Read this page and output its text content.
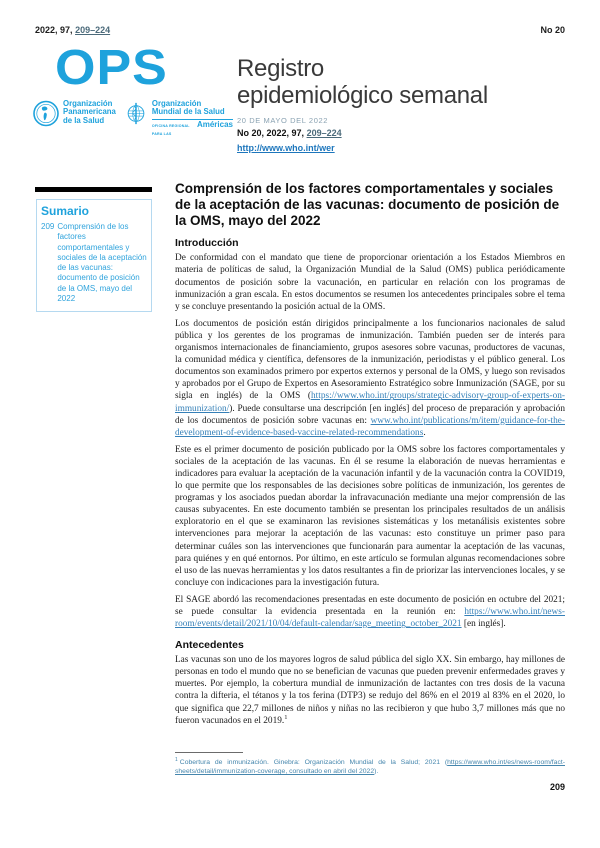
2022, 97, 209–224	No 20
OPS
Organización
Panamericana
de la Salud
Organización
Mundial de la Salud
OFICINA REGIONAL PARA LAS
Américas
Registro
epidemiológico semanal
20 DE MAYO DEL 2022
No 20, 2022, 97, 209–224
http://www.who.int/wer
Sumario
209 Comprensión de los factores comportamentales y sociales de la aceptación de las vacunas: documento de posición de la OMS, mayo del 2022
Comprensión de los factores comportamentales y sociales de la aceptación de las vacunas: documento de posición de la OMS, mayo del 2022
Introducción

De conformidad con el mandato que tiene de proporcionar orientación a los Estados Miembros en materia de políticas de salud, la Organización Mundial de la Salud (OMS) publica periódicamente documentos de posición sobre la vacunación, en particular en relación con los programas de inmunización a gran escala. En estos documentos se resumen los antecedentes principales sobre el tema y se concluye presentando la posición actual de la OMS.

Los documentos de posición están dirigidos principalmente a los funcionarios nacionales de salud pública y los gerentes de los programas de inmunización. También pueden ser de interés para organismos internacionales de financiamiento, grupos asesores sobre vacunas, productores de vacunas, la comunidad médica y científica, defensores de la inmunización, periodistas y el público general. Los documentos son examinados primero por expertos externos y personal de la OMS, y luego son revisados y aprobados por el Grupo de Expertos en Asesoramiento Estratégico sobre Inmunización (SAGE, por su sigla en inglés) de la OMS (https://www.who.int/groups/strategic-advisory-group-of-experts-on-immunization/). Puede consultarse una descripción [en inglés] del proceso de preparación y aprobación de los documentos de posición sobre vacunas en: www.who.int/publications/m/item/guidance-for-the-development-of-evidence-based-vaccine-related-recommendations.

Este es el primer documento de posición publicado por la OMS sobre los factores comportamentales y sociales de la aceptación de las vacunas. En él se resume la elaboración de nuevas herramientas e indicadores para evaluar la aceptación de la vacunación infantil y de la vacunación contra la COVID19, lo que permite que los responsables de las decisiones sobre políticas de inmunización, los gerentes de programas y los asociados puedan abordar la infravacunación mediante una mejor comprensión de las causas subyacentes. En este documento también se presentan los principales resultados de un análisis exploratorio en el que se examinaron las revisiones sistemáticas y los metanálisis existentes sobre intervenciones para mejorar la aceptación de las vacunas: esto constituye un primer paso para determinar cuáles son las intervenciones que funcionarán para aumentar la aceptación de las vacunas, para quiénes y en qué entornos. Por último, en este artículo se formulan algunas recomendaciones sobre el uso de las nuevas herramientas y los datos resultantes a fin de priorizar las intervenciones locales, y se concluye con indicaciones para la investigación futura.

El SAGE abordó las recomendaciones presentadas en este documento de posición en octubre del 2021; se puede consultar la evidencia presentada en la reunión en: https://www.who.int/news-room/events/detail/2021/10/04/default-calendar/sage_meeting_october_2021 [en inglés].

Antecedentes

Las vacunas son uno de los mayores logros de salud pública del siglo XX. Sin embargo, hay millones de personas en todo el mundo que no se benefician de vacunas que pueden prevenir enfermedades graves y muertes. Por ejemplo, la cobertura mundial de inmunización de lactantes con tres dosis de la vacuna contra la difteria, el tétanos y la tos ferina (DTP3) se redujo del 86% en el 2019 al 83% en el 2020, lo que significa que 22,7 millones de niños y niñas no las recibieron y que hubo 3,7 millones más que no fueron vacunados en el 2019.$^1$

$^1$ Cobertura de inmunización. Ginebra: Organización Mundial de la Salud; 2021 (https://www.who.int/es/news-room/fact-sheets/detail/immunization-coverage, consultado en abril del 2022).
209
